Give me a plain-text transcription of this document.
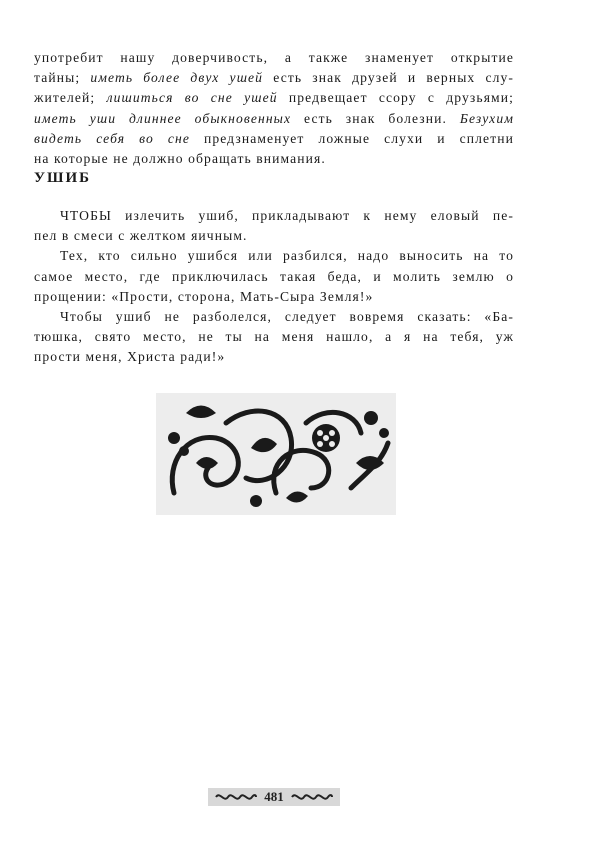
употребит нашу доверчивость, а также знаменует открытие
тайны; иметь более двух ушей есть знак друзей и верных слу-
жителей; лишиться во сне ушей предвещает ссору с друзьями;
иметь уши длиннее обыкновенных есть знак болезни. Безухим
видеть себя во сне предзнаменует ложные слухи и сплетни
на которые не должно обращать внимания.
УШИБ
ЧТОБЫ излечить ушиб, прикладывают к нему еловый пе-
пел в смеси с желтком яичным.
Тех, кто сильно ушибся или разбился, надо выносить на то
самое место, где приключилась такая беда, и молить землю о
прощении: «Прости, сторона, Мать-Сыра Земля!»
Чтобы ушиб не разболелся, следует вовремя сказать: «Ба-
тюшка, свято место, не ты на меня нашло, а я на тебя, уж
прости меня, Христа ради!»
481
